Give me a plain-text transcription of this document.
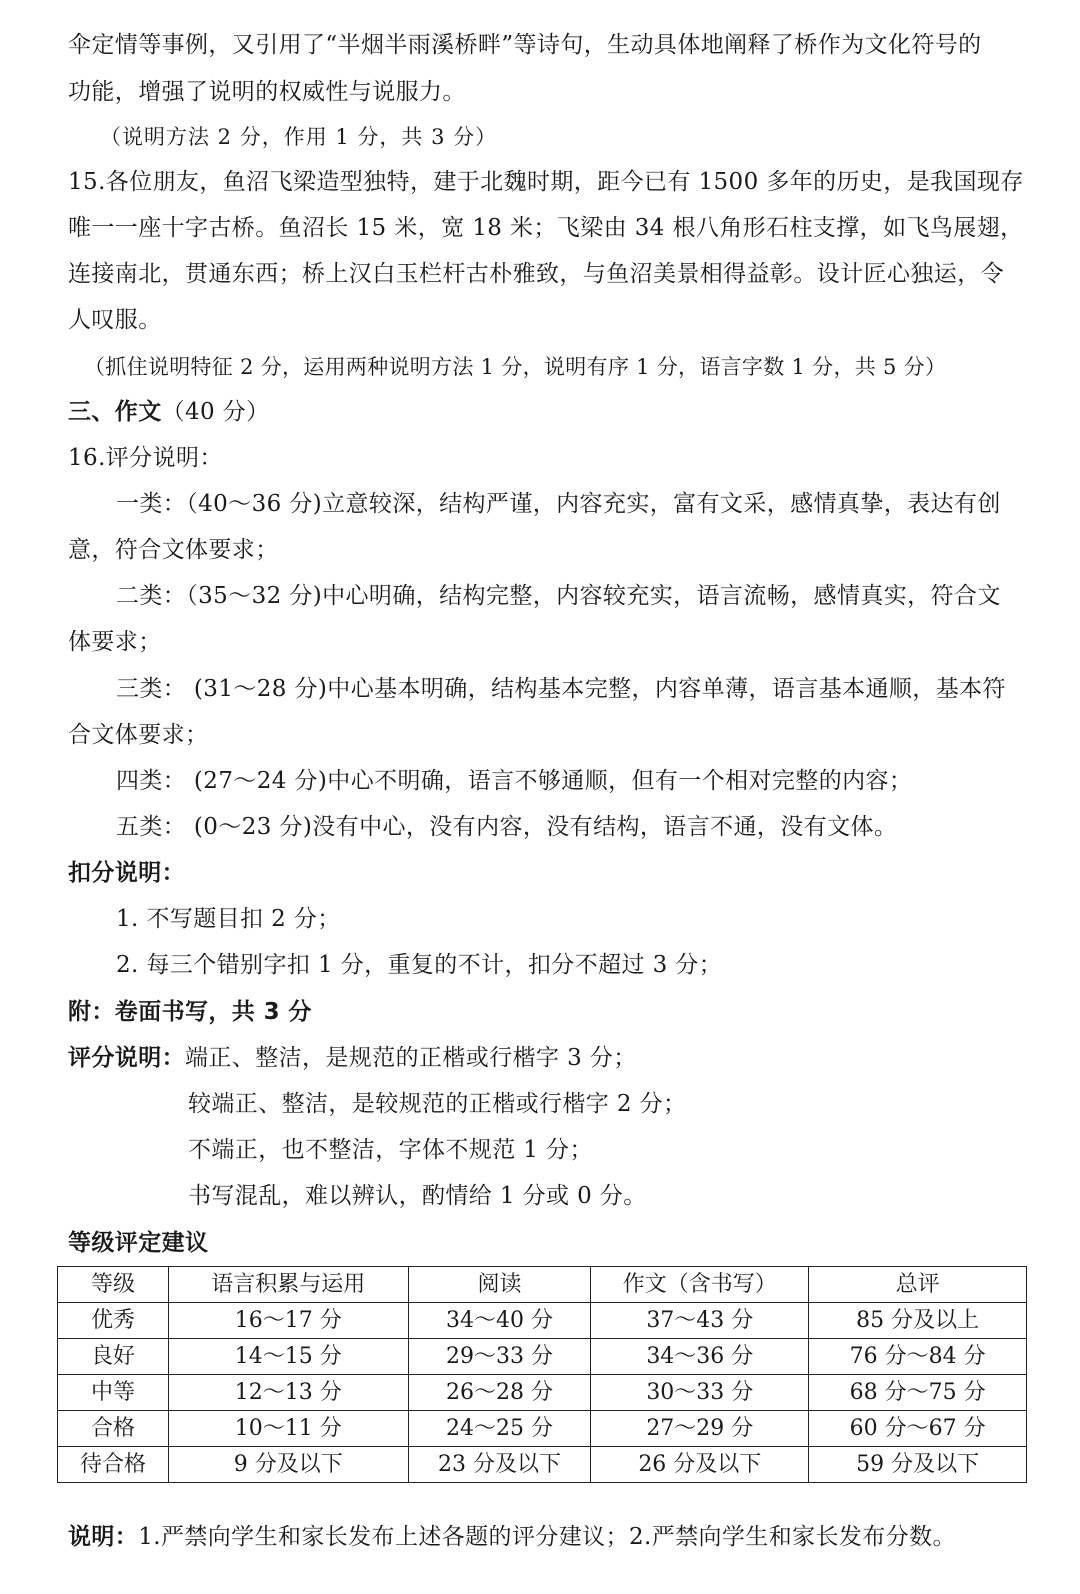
伞定情等事例，又引用了“半烟半雨溪桥畔”等诗句，生动具体地阐释了桥作为文化符号的
功能，增强了说明的权威性与说服力。
（说明方法 2 分，作用 1 分，共 3 分）
15.各位朋友，鱼沼飞梁造型独特，建于北魏时期，距今已有 1500 多年的历史，是我国现存
唯一一座十字古桥。鱼沼长 15 米，宽 18 米；飞梁由 34 根八角形石柱支撑，如飞鸟展翅，
连接南北，贯通东西；桥上汉白玉栏杆古朴雅致，与鱼沼美景相得益彰。设计匠心独运，令
人叹服。
（抓住说明特征 2 分，运用两种说明方法 1 分，说明有序 1 分，语言字数 1 分，共 5 分）
三、作文（40 分）
16.评分说明：
一类：（40～36 分)立意较深，结构严谨，内容充实，富有文采，感情真挚，表达有创
意，符合文体要求；
二类：（35～32 分)中心明确，结构完整，内容较充实，语言流畅，感情真实，符合文
体要求；
三类： (31～28 分)中心基本明确，结构基本完整，内容单薄，语言基本通顺，基本符
合文体要求；
四类： (27～24 分)中心不明确，语言不够通顺，但有一个相对完整的内容；
五类： (0～23 分)没有中心，没有内容，没有结构，语言不通，没有文体。
扣分说明：
1. 不写题目扣 2 分；
2. 每三个错别字扣 1 分，重复的不计，扣分不超过 3 分；
附：卷面书写，共 3 分
评分说明：端正、整洁，是规范的正楷或行楷字 3 分；
较端正、整洁，是较规范的正楷或行楷字 2 分；
不端正，也不整洁，字体不规范 1 分；
书写混乱，难以辨认，酌情给 1 分或 0 分。
等级评定建议
等级	语言积累与运用	阅读	作文（含书写）	总评
优秀	16～17 分	34～40 分	37～43 分	85 分及以上
良好	14～15 分	29～33 分	34～36 分	76 分～84 分
中等	12～13 分	26～28 分	30～33 分	68 分～75 分
合格	10～11 分	24～25 分	27～29 分	60 分～67 分
待合格	9 分及以下	23 分及以下	26 分及以下	59 分及以下
说明：1.严禁向学生和家长发布上述各题的评分建议；2.严禁向学生和家长发布分数。
